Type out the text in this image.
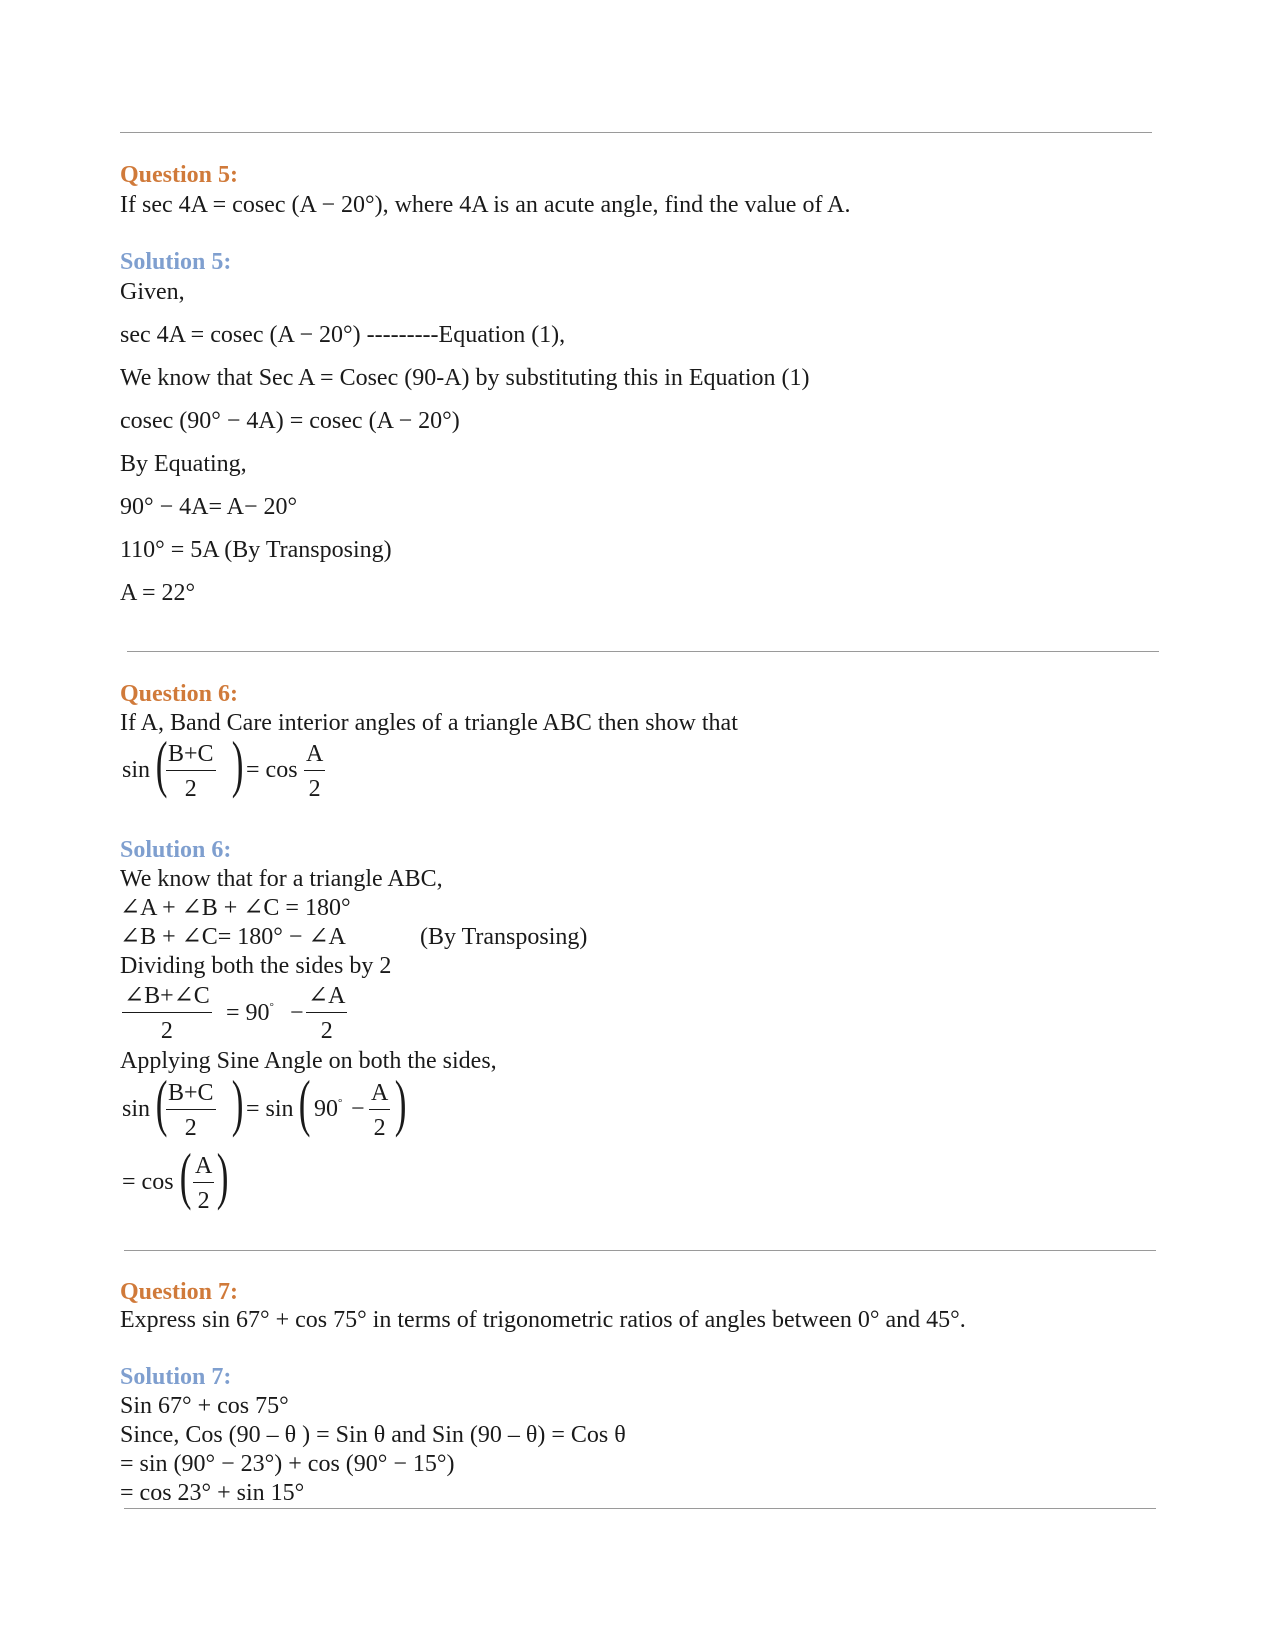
Question 5:
If sec 4A = cosec (A − 20°), where 4A is an acute angle, find the value of A.
Solution 5:
Given,
sec 4A = cosec (A − 20°) ---------Equation (1),
We know that Sec A = Cosec (90-A) by substituting this in Equation (1)
cosec (90° − 4A) = cosec (A − 20°)
By Equating,
90° − 4A= A− 20°
110° = 5A (By Transposing)
A = 22°
Question 6:
If A, Band Care interior angles of a triangle ABC then show that
sin (
$\frac{B+C}{2}$ ) = $\cos \frac{A}{2}$
Solution 6:
We know that for a triangle ABC,
∠A + ∠B + ∠C = 180°
∠B + ∠C= 180° − ∠A	(By Transposing)
Dividing both the sides by 2
$\frac{\angle B+\angle C}{2} = 90^\circ - \frac{\angle A}{2}$
Applying Sine Angle on both the sides,
sin (
$\frac{B+C}{2}$ ) = sin ( $90^\circ - \frac{A}{2}$ )
= cos ( $\frac{A}{2}$ )
Question 7:
Express sin 67° + cos 75° in terms of trigonometric ratios of angles between 0° and 45°.
Solution 7:
Sin 67° + cos 75°
Since, Cos (90 – θ ) = Sin θ and Sin (90 – θ) = Cos θ
= sin (90° − 23°) + cos (90° − 15°)
= cos 23° + sin 15°
